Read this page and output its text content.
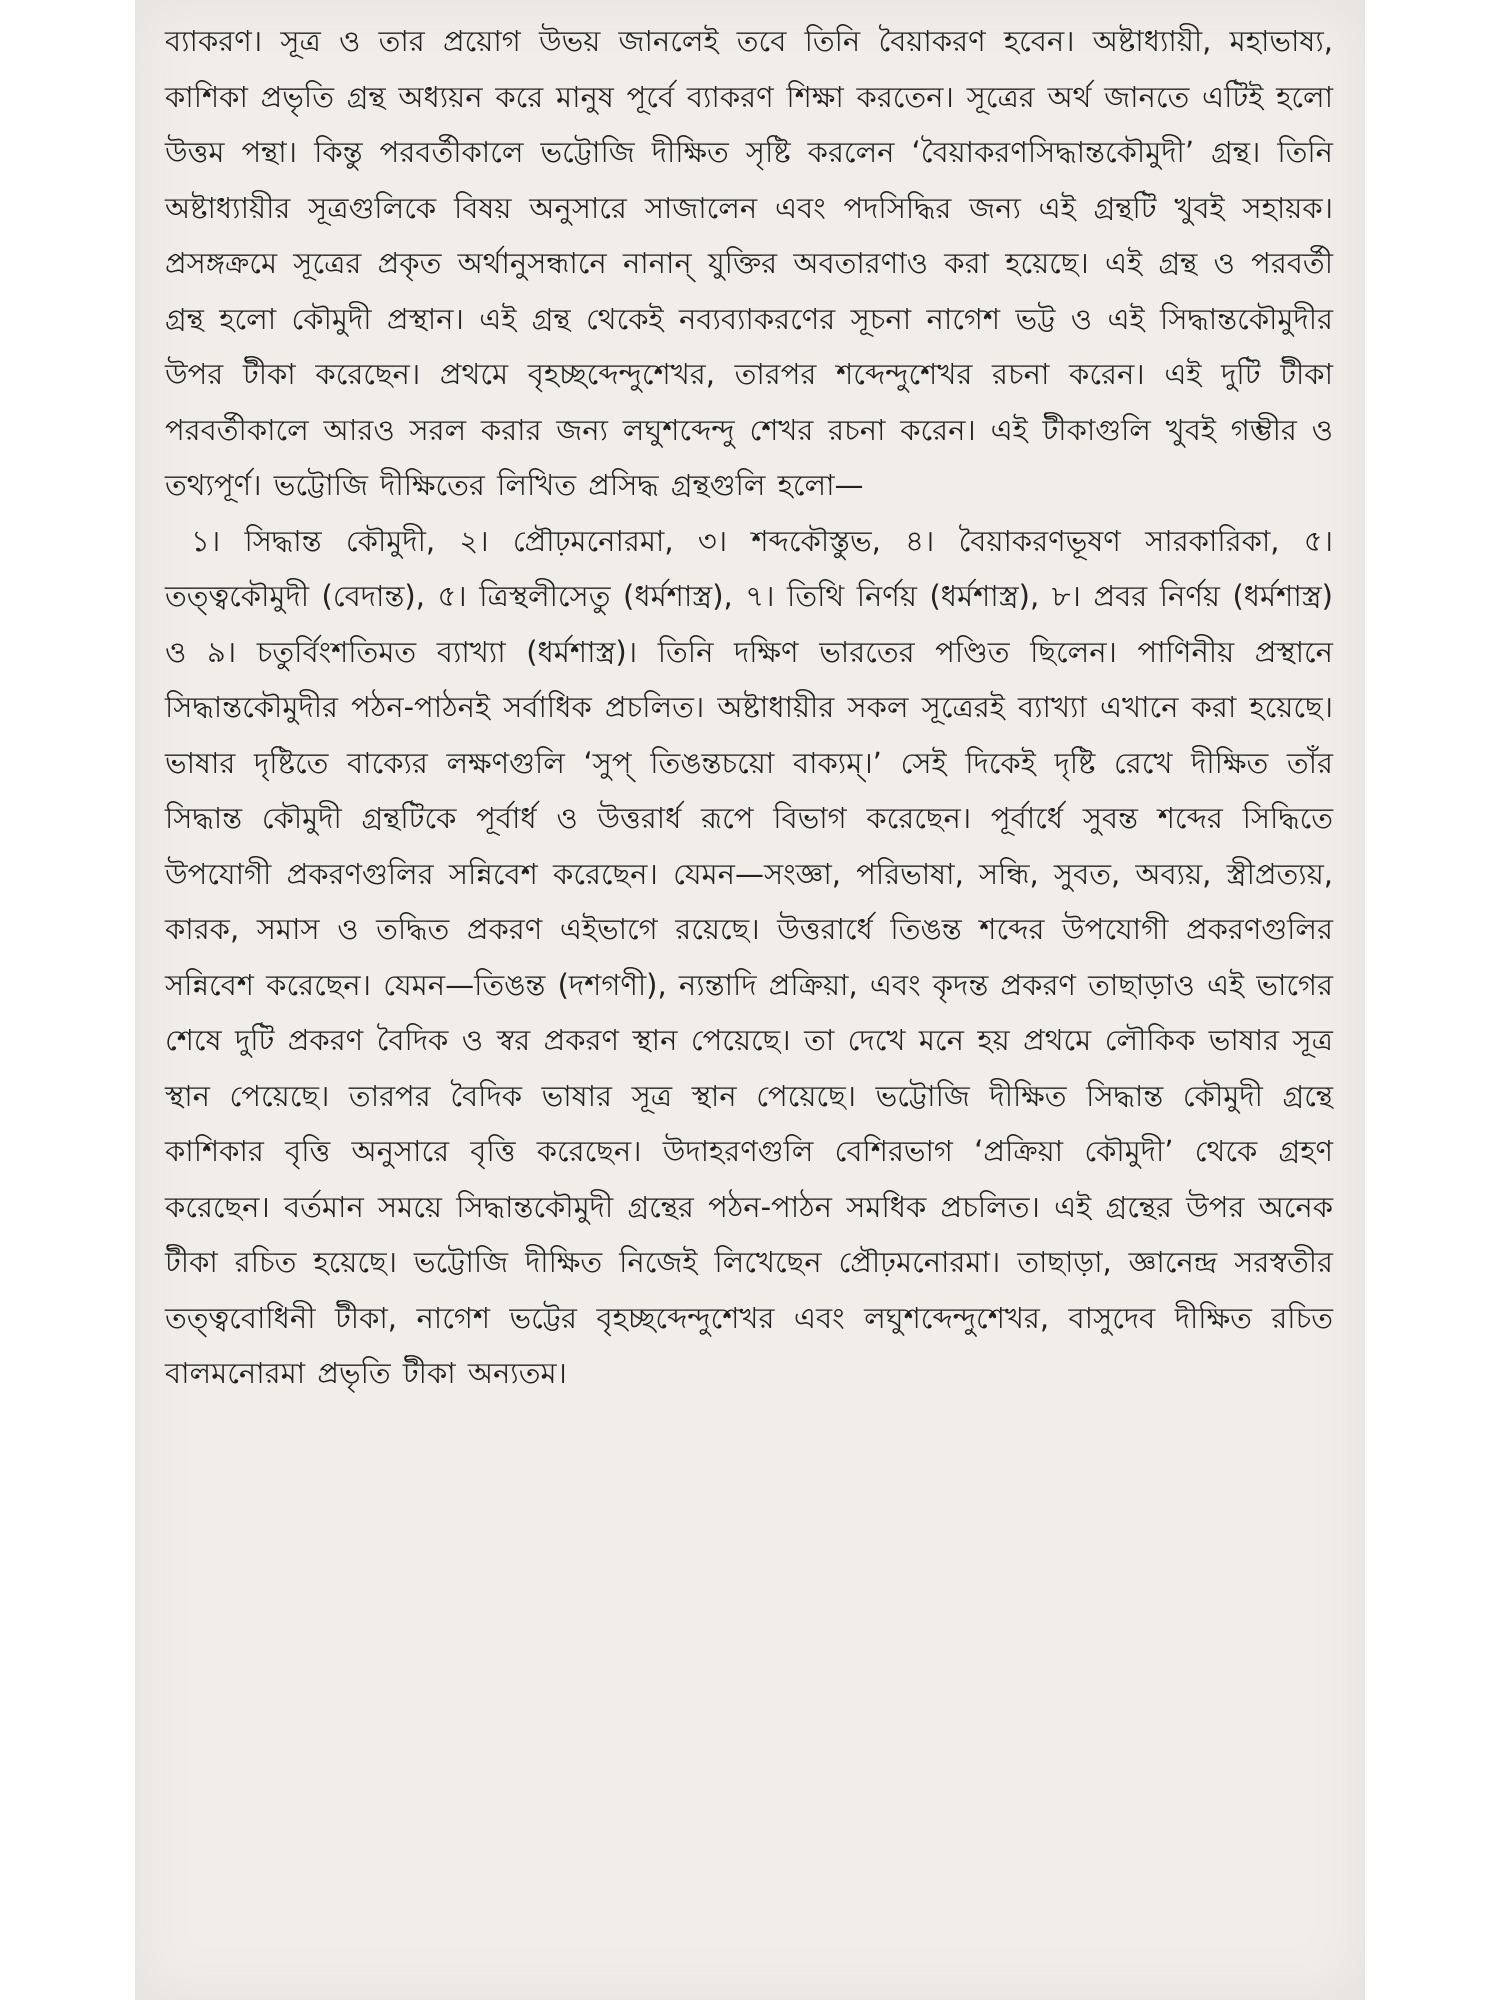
ব্যাকরণ। সূত্র ও তার প্রয়োগ উভয় জানলেই তবে তিনি বৈয়াকরণ হবেন। অষ্টাধ্যায়ী, মহাভাষ্য, কাশিকা প্রভৃতি গ্রন্থ অধ্যয়ন করে মানুষ পূর্বে ব্যাকরণ শিক্ষা করতেন। সূত্রের অর্থ জানতে এটিই হলো উত্তম পন্থা। কিন্তু পরবর্তীকালে ভট্টোজি দীক্ষিত সৃষ্টি করলেন ‘বৈয়াকরণসিদ্ধান্তকৌমুদী’ গ্রন্থ। তিনি অষ্টাধ্যায়ীর সূত্রগুলিকে বিষয় অনুসারে সাজালেন এবং পদসিদ্ধির জন্য এই গ্রন্থটি খুবই সহায়ক। প্রসঙ্গক্রমে সূত্রের প্রকৃত অর্থানুসন্ধানে নানান্ যুক্তির অবতারণাও করা হয়েছে। এই গ্রন্থ ও পরবর্তী গ্রন্থ হলো কৌমুদী প্রস্থান। এই গ্রন্থ থেকেই নব্যব্যাকরণের সূচনা নাগেশ ভট্ট ও এই সিদ্ধান্তকৌমুদীর উপর টীকা করেছেন। প্রথমে বৃহচ্ছব্দেন্দুশেখর, তারপর শব্দেন্দুশেখর রচনা করেন। এই দুটি টীকা পরবর্তীকালে আরও সরল করার জন্য লঘুশব্দেন্দু শেখর রচনা করেন। এই টীকাগুলি খুবই গম্ভীর ও তথ্যপূর্ণ। ভট্টোজি দীক্ষিতের লিখিত প্রসিদ্ধ গ্রন্থগুলি হলো—

১। সিদ্ধান্ত কৌমুদী, ২। প্রৌঢ়মনোরমা, ৩। শব্দকৌস্তুভ, ৪। বৈয়াকরণভূষণ সারকারিকা, ৫। তত্ত্বকৌমুদী (বেদান্ত), ৫। ত্রিস্থলীসেতু (ধর্মশাস্ত্র), ৭। তিথি নির্ণয় (ধর্মশাস্ত্র), ৮। প্রবর নির্ণয় (ধর্মশাস্ত্র) ও ৯। চতুর্বিংশতিমত ব্যাখ্যা (ধর্মশাস্ত্র)। তিনি দক্ষিণ ভারতের পণ্ডিত ছিলেন। পাণিনীয় প্রস্থানে সিদ্ধান্তকৌমুদীর পঠন-পাঠনই সর্বাধিক প্রচলিত। অষ্টাধায়ীর সকল সূত্রেরই ব্যাখ্যা এখানে করা হয়েছে। ভাষার দৃষ্টিতে বাক্যের লক্ষণগুলি ‘সুপ্ তিঙন্তচয়ো বাক্যম্।’ সেই দিকেই দৃষ্টি রেখে দীক্ষিত তাঁর সিদ্ধান্ত কৌমুদী গ্রন্থটিকে পূর্বার্ধ ও উত্তরার্ধ রূপে বিভাগ করেছেন। পূর্বার্ধে সুবন্ত শব্দের সিদ্ধিতে উপযোগী প্রকরণগুলির সন্নিবেশ করেছেন। যেমন—সংজ্ঞা, পরিভাষা, সন্ধি, সুবত, অব্যয়, স্ত্রীপ্রত্যয়, কারক, সমাস ও তদ্ধিত প্রকরণ এইভাগে রয়েছে। উত্তরার্ধে তিঙন্ত শব্দের উপযোগী প্রকরণগুলির সন্নিবেশ করেছেন। যেমন—তিঙন্ত (দশগণী), ন্যন্তাদি প্রক্রিয়া, এবং কৃদন্ত প্রকরণ তাছাড়াও এই ভাগের শেষে দুটি প্রকরণ বৈদিক ও স্বর প্রকরণ স্থান পেয়েছে। তা দেখে মনে হয় প্রথমে লৌকিক ভাষার সূত্র স্থান পেয়েছে। তারপর বৈদিক ভাষার সূত্র স্থান পেয়েছে। ভট্টোজি দীক্ষিত সিদ্ধান্ত কৌমুদী গ্রন্থে কাশিকার বৃত্তি অনুসারে বৃত্তি করেছেন। উদাহরণগুলি বেশিরভাগ ‘প্রক্রিয়া কৌমুদী’ থেকে গ্রহণ করেছেন। বর্তমান সময়ে সিদ্ধান্তকৌমুদী গ্রন্থের পঠন-পাঠন সমধিক প্রচলিত। এই গ্রন্থের উপর অনেক টীকা রচিত হয়েছে। ভট্টোজি দীক্ষিত নিজেই লিখেছেন প্রৌঢ়মনোরমা। তাছাড়া, জ্ঞানেন্দ্র সরস্বতীর তত্ত্ববোধিনী টীকা, নাগেশ ভট্টের বৃহচ্ছব্দেন্দুশেখর এবং লঘুশব্দেন্দুশেখর, বাসুদেব দীক্ষিত রচিত বালমনোরমা প্রভৃতি টীকা অন্যতম।
